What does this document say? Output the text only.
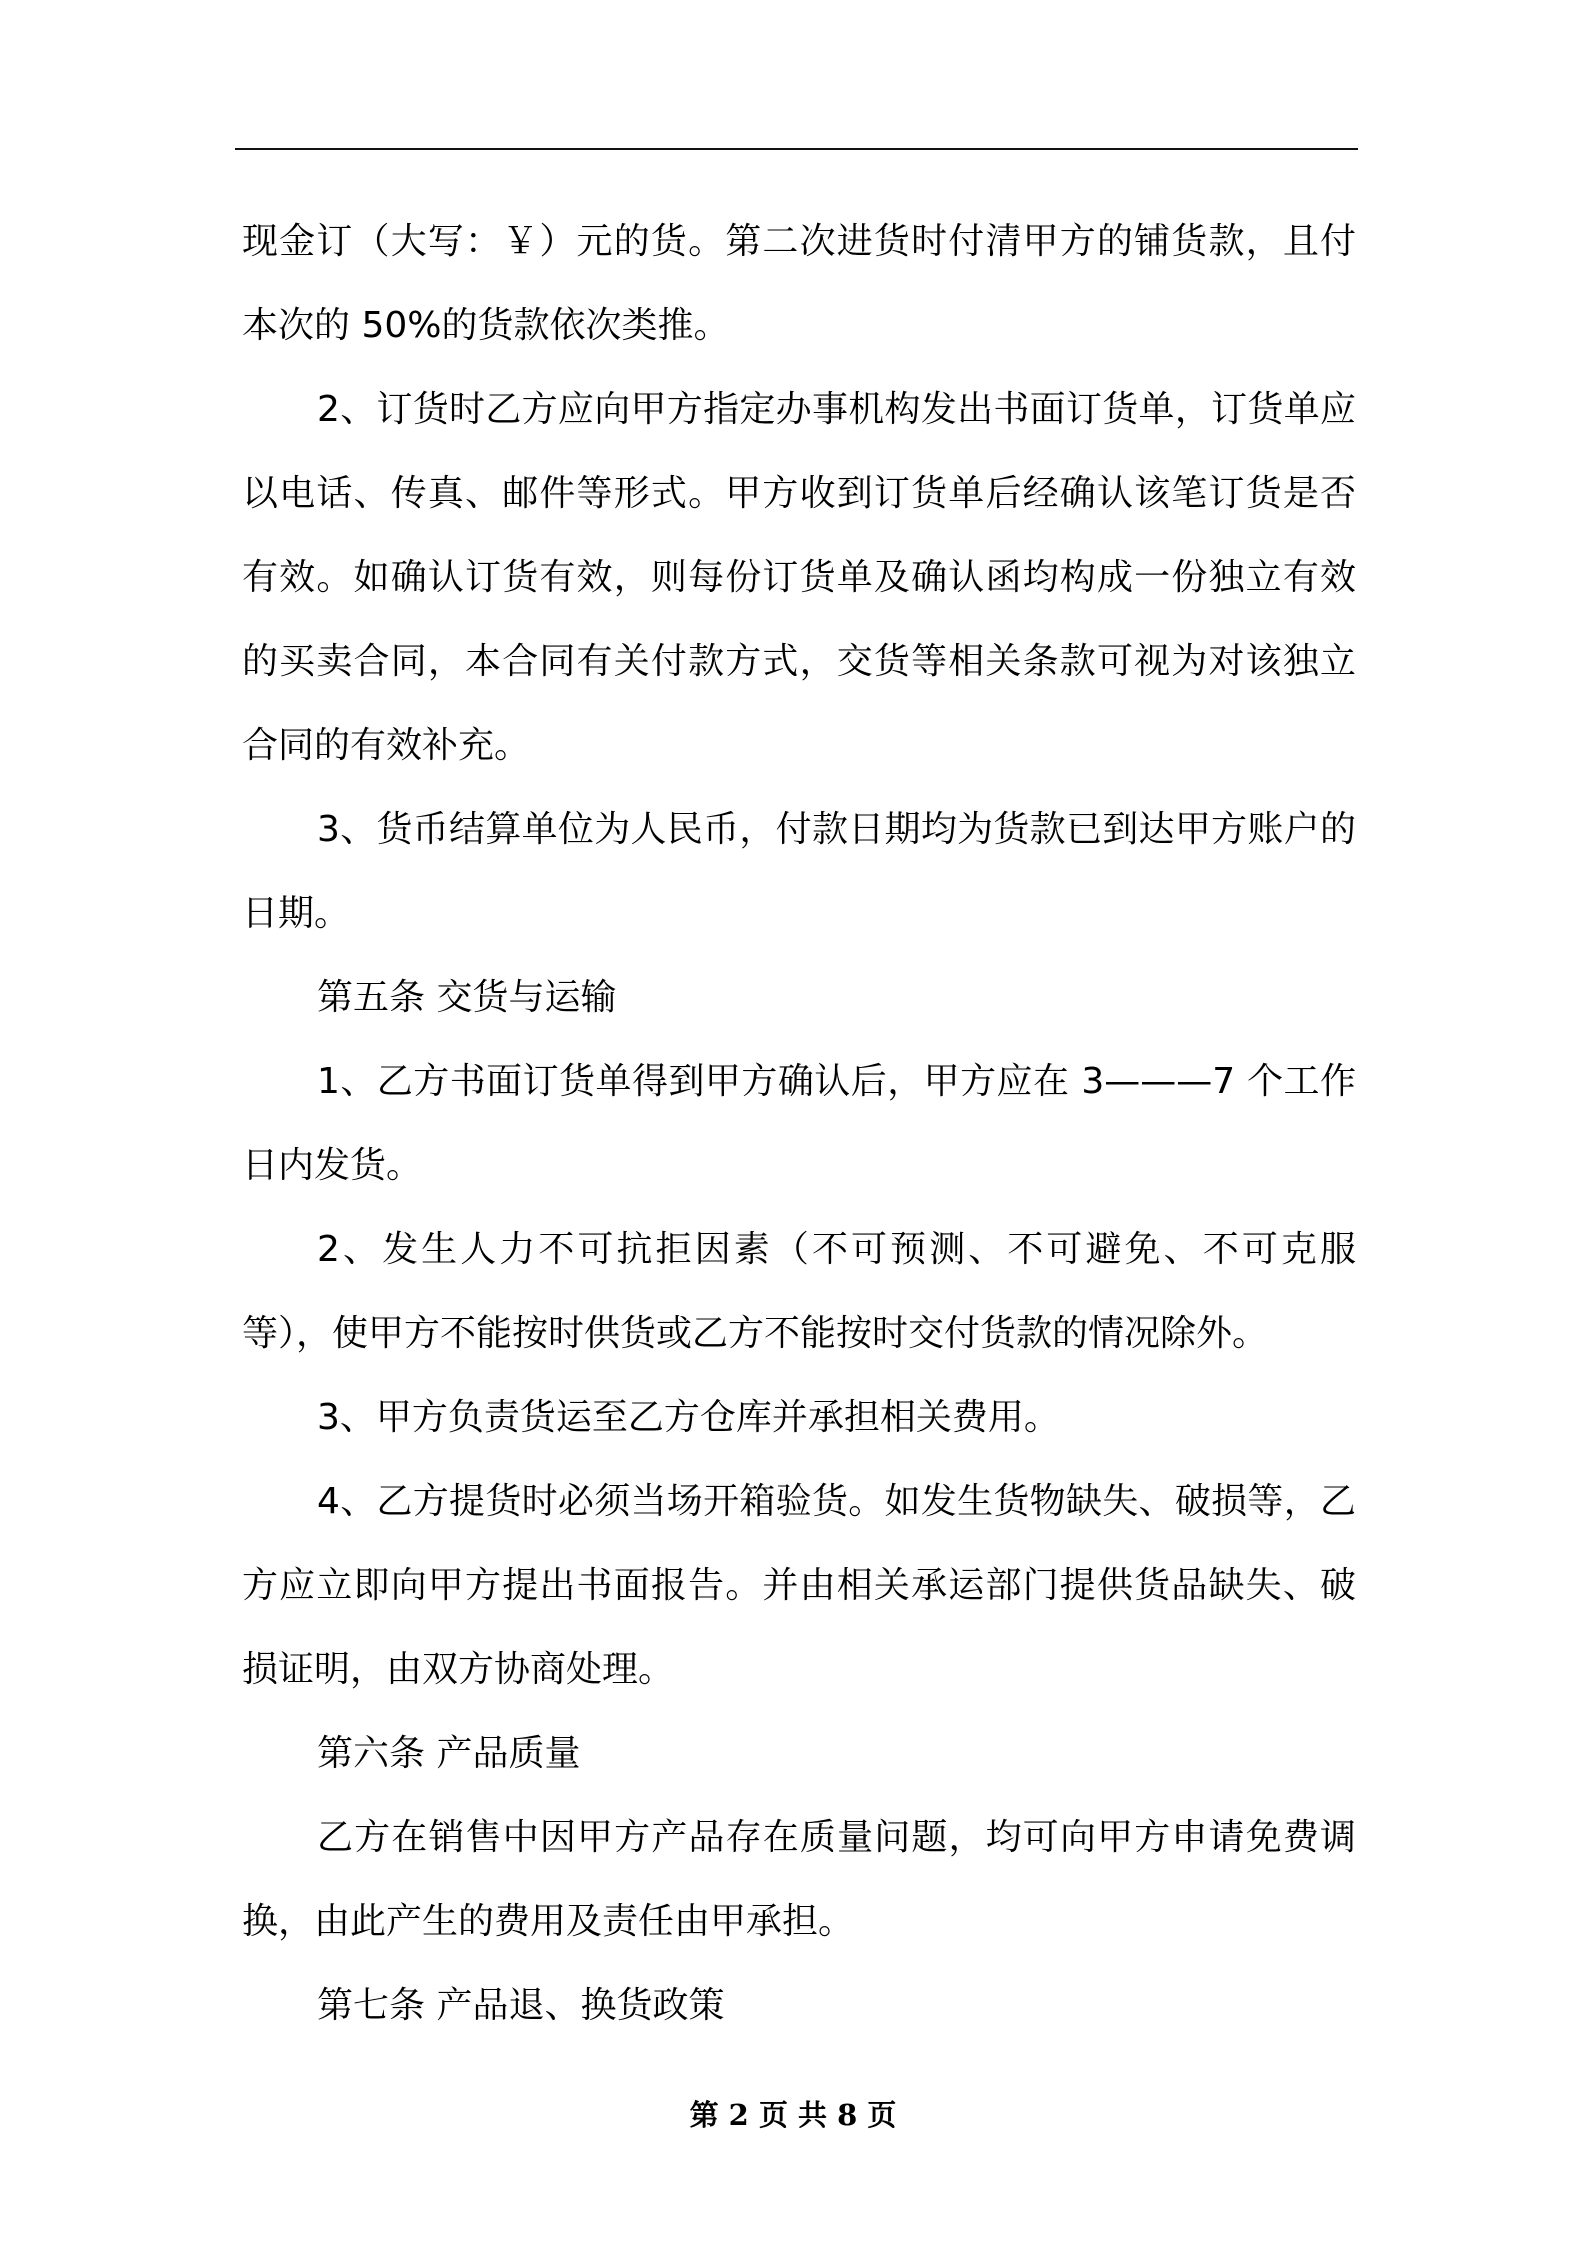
现金订（大写：￥）元的货。第二次进货时付清甲方的铺货款，且付本次的 50%的货款依次类推。

2、订货时乙方应向甲方指定办事机构发出书面订货单，订货单应以电话、传真、邮件等形式。甲方收到订货单后经确认该笔订货是否有效。如确认订货有效，则每份订货单及确认函均构成一份独立有效的买卖合同，本合同有关付款方式，交货等相关条款可视为对该独立合同的有效补充。

3、货币结算单位为人民币，付款日期均为货款已到达甲方账户的日期。

第五条 交货与运输

1、乙方书面订货单得到甲方确认后，甲方应在 3———7 个工作日内发货。

2、发生人力不可抗拒因素（不可预测、不可避免、不可克服等），使甲方不能按时供货或乙方不能按时交付货款的情况除外。

3、甲方负责货运至乙方仓库并承担相关费用。

4、乙方提货时必须当场开箱验货。如发生货物缺失、破损等，乙方应立即向甲方提出书面报告。并由相关承运部门提供货品缺失、破损证明，由双方协商处理。

第六条 产品质量

乙方在销售中因甲方产品存在质量问题，均可向甲方申请免费调换，由此产生的费用及责任由甲承担。

第七条 产品退、换货政策

第 2 页 共 8 页
